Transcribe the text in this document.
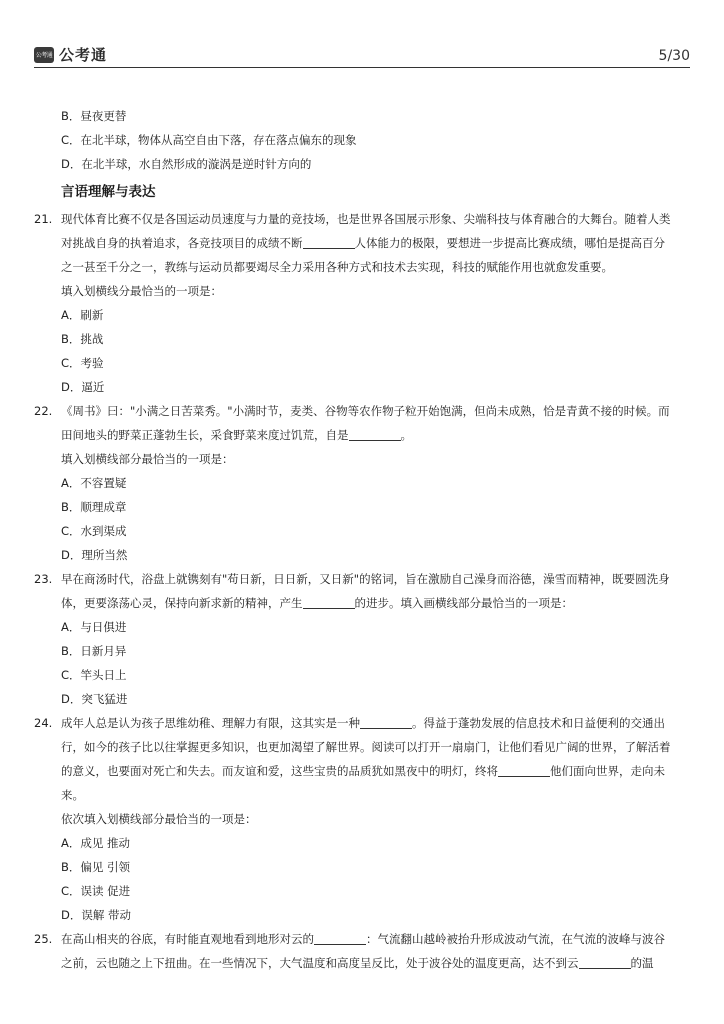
公考通 公考通	5/30
B．昼夜更替
C．在北半球，物体从高空自由下落，存在落点偏东的现象
D．在北半球，水自然形成的漩涡是逆时针方向的
言语理解与表达
21. 现代体育比赛不仅是各国运动员速度与力量的竞技场，也是世界各国展示形象、尖端科技与体育融合的大舞台。随着人类
对挑战自身的执着追求，各竞技项目的成绩不断	人体能力的极限，要想进一步提高比赛成绩，哪怕是提高百分
之一甚至千分之一，教练与运动员都要竭尽全力采用各种方式和技术去实现，科技的赋能作用也就愈发重要。
填入划横线分最恰当的一项是：
A．刷新
B．挑战
C．考验
D．逼近
22. 《周书》曰："小满之日苦菜秀。"小满时节，麦类、谷物等农作物子粒开始饱满，但尚未成熟，恰是青黄不接的时候。而
田间地头的野菜正蓬勃生长，采食野菜来度过饥荒，自是	。
填入划横线部分最恰当的一项是：
A．不容置疑
B．顺理成章
C．水到渠成
D．理所当然
23. 早在商汤时代，浴盘上就镌刻有"苟日新，日日新，又日新"的铭词，旨在激励自己澡身而浴德，澡雪而精神，既要圆洗身
体，更要涤荡心灵，保持向新求新的精神，产生	的进步。填入画横线部分最恰当的一项是：
A．与日俱进
B．日新月异
C．竿头日上
D．突飞猛进
24. 成年人总是认为孩子思维幼稚、理解力有限，这其实是一种	。得益于蓬勃发展的信息技术和日益便利的交通出
行，如今的孩子比以往掌握更多知识，也更加渴望了解世界。阅读可以打开一扇扇门，让他们看见广阔的世界，了解活着
的意义，也要面对死亡和失去。而友谊和爱，这些宝贵的品质犹如黑夜中的明灯，终将	他们面向世界，走向未
来。
依次填入划横线部分最恰当的一项是：
A．成见 推动
B．偏见 引领
C．误读 促进
D．误解 带动
25. 在高山相夹的谷底，有时能直观地看到地形对云的	：气流翻山越岭被抬升形成波动气流，在气流的波峰与波谷
之前，云也随之上下扭曲。在一些情况下，大气温度和高度呈反比，处于波谷处的温度更高，达不到云	的温
